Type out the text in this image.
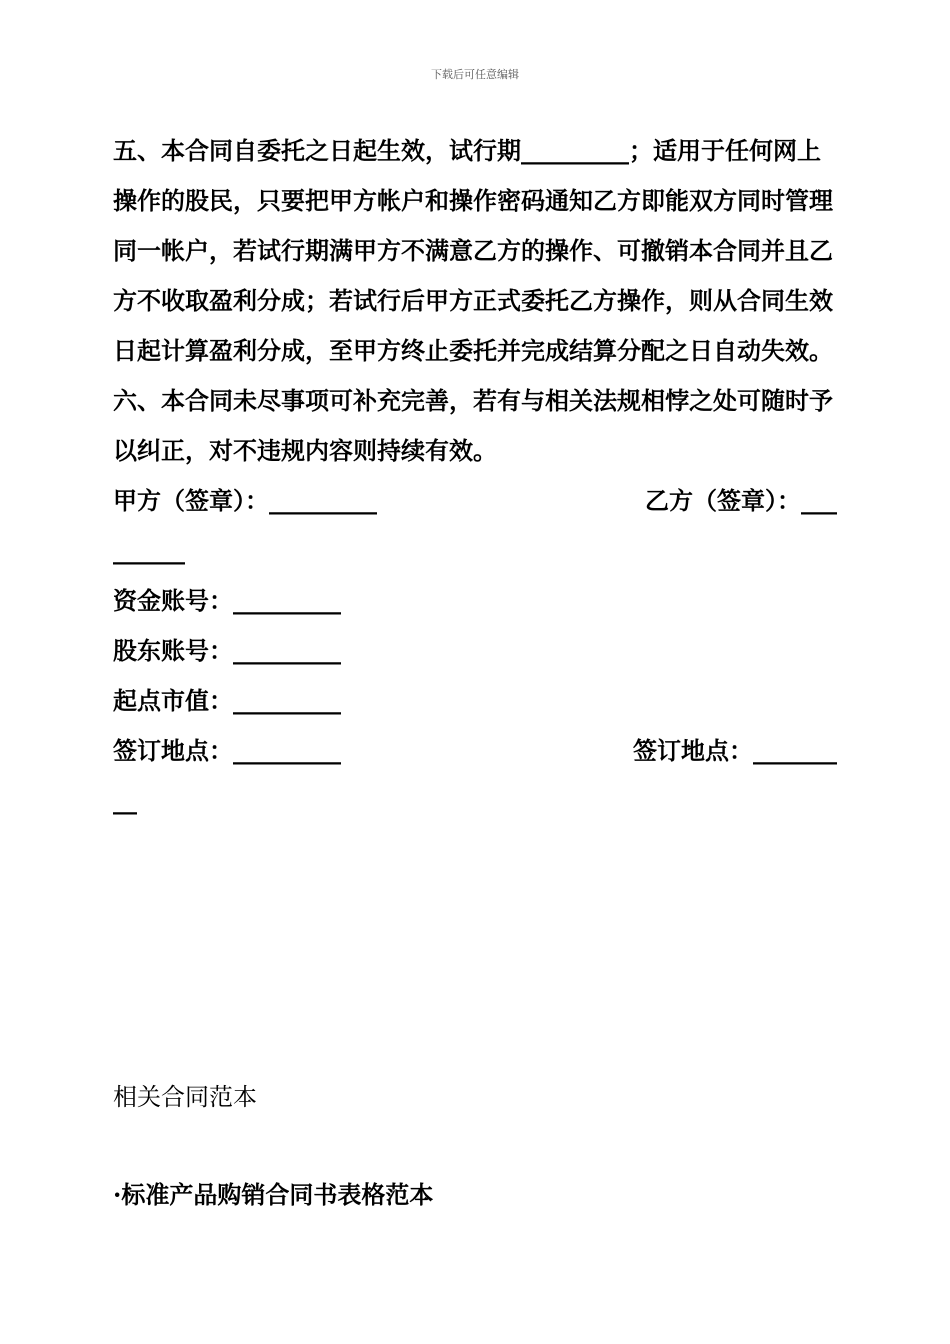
下载后可任意编辑

五、本合同自委托之日起生效，试行期_________；适用于任何网上操作的股民，只要把甲方帐户和操作密码通知乙方即能双方同时管理同一帐户，若试行期满甲方不满意乙方的操作、可撤销本合同并且乙方不收取盈利分成；若试行后甲方正式委托乙方操作，则从合同生效日起计算盈利分成，至甲方终止委托并完成结算分配之日自动失效。

六、本合同未尽事项可补充完善，若有与相关法规相悖之处可随时予以纠正，对不违规内容则持续有效。

甲方（签章）：_________	乙方（签章）：___
______
资金账号：_________
股东账号：_________
起点市值：_________
签订地点：_________	签订地点：_______
__
相关合同范本
·标准产品购销合同书表格范本
